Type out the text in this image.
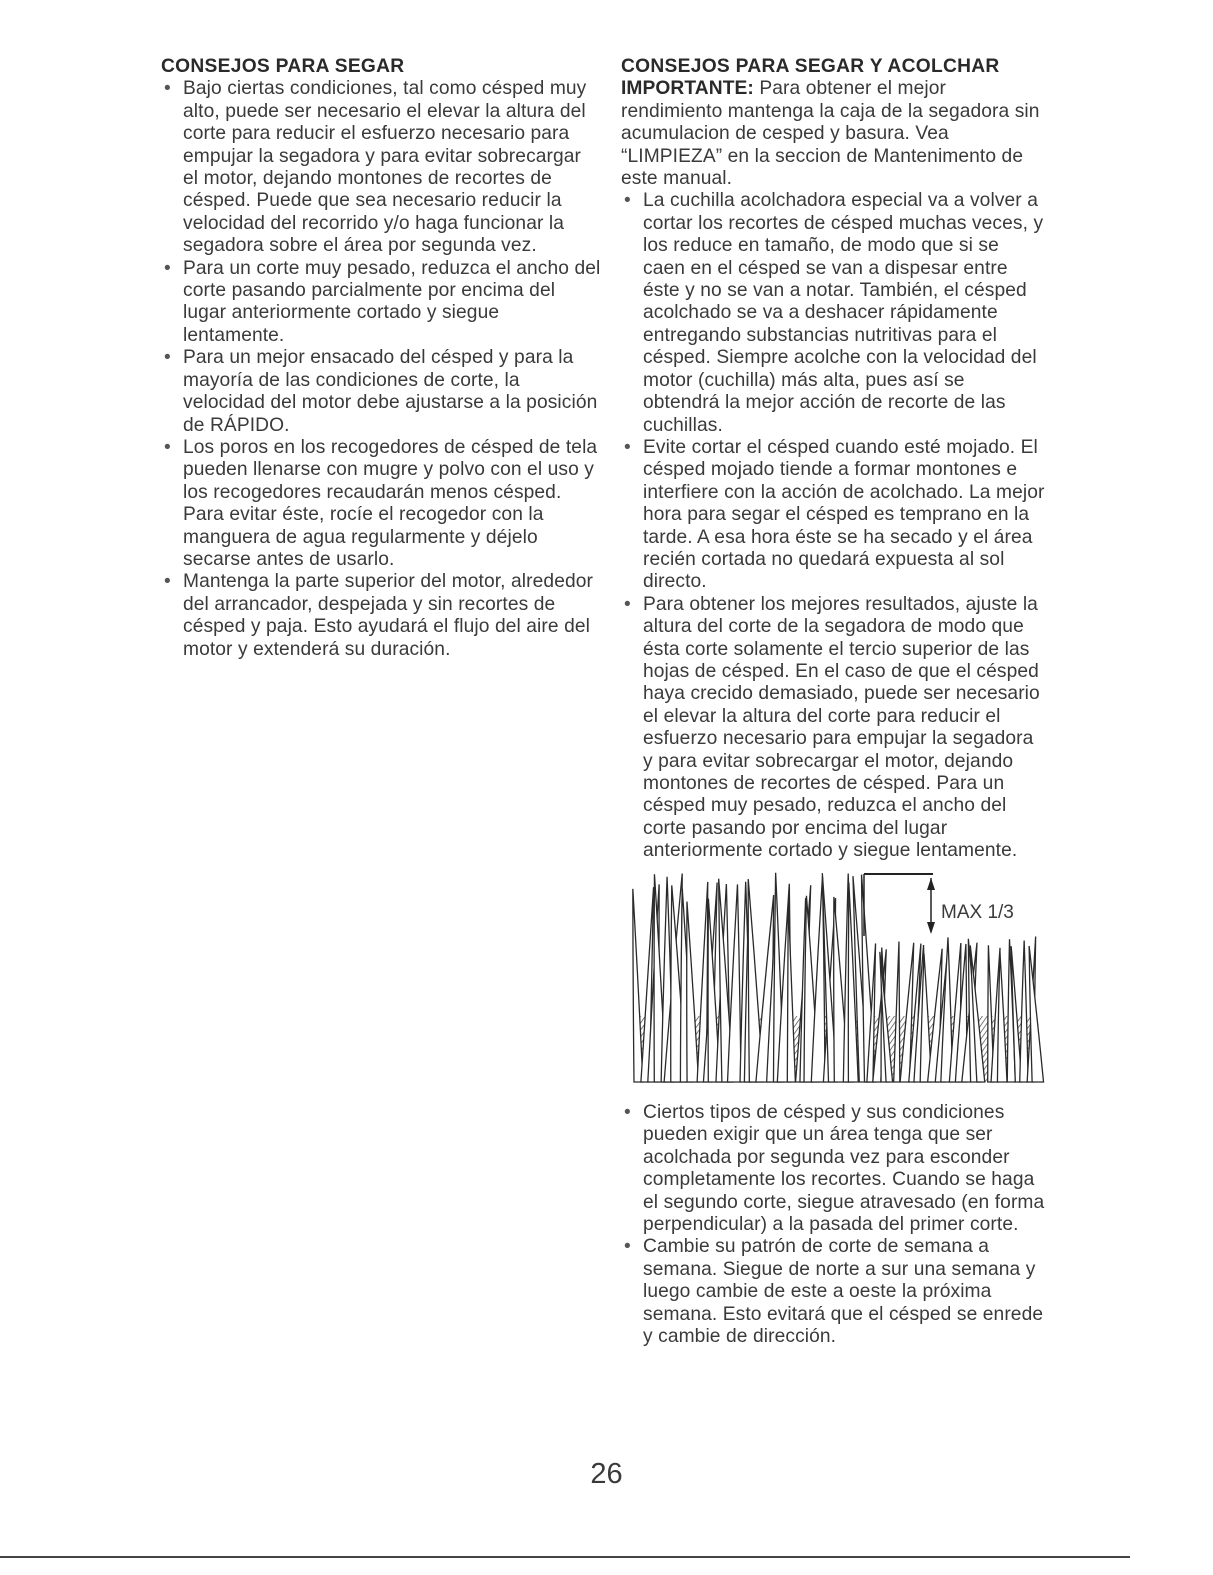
CONSEJOS PARA SEGAR
• Bajo ciertas condiciones, tal como césped muy alto, puede ser necesario el elevar la altura del corte para reducir el esfuerzo necesario para empujar la segadora y para evitar sobrecargar el motor, dejando montones de recortes de césped. Puede que sea necesario reducir la velocidad del recorrido y/o haga funcionar la segadora sobre el área por segunda vez.
• Para un corte muy pesado, reduzca el ancho del corte pasando parcialmente por encima del lugar anteriormente cortado y siegue lentamente.
• Para un mejor ensacado del césped y para la mayoría de las condiciones de corte, la velocidad del motor debe ajustarse a la posición de RÁPIDO.
• Los poros en los recogedores de césped de tela pueden llenarse con mugre y polvo con el uso y los recogedores recaudarán menos césped. Para evitar éste, rocíe el recogedor con la manguera de agua regularmente y déjelo secarse antes de usarlo.
• Mantenga la parte superior del motor, alrededor del arrancador, despejada y sin recortes de césped y paja. Esto ayudará el flujo del aire del motor y extenderá su duración.
CONSEJOS PARA SEGAR Y ACOLCHAR
IMPORTANTE: Para obtener el mejor rendimiento mantenga la caja de la segadora sin acumulacion de cesped y basura. Vea “LIMPIEZA” en la seccion de Mantenimento de este manual.
• La cuchilla acolchadora especial va a volver a cortar los recortes de césped muchas veces, y los reduce en tamaño, de modo que si se caen en el césped se van a dispesar entre éste y no se van a notar. También, el césped acolchado se va a deshacer rápidamente entregando substancias nutritivas para el césped. Siempre acolche con la velocidad del motor (cuchilla) más alta, pues así se obtendrá la mejor acción de recorte de las cuchillas.
• Evite cortar el césped cuando esté mojado. El césped mojado tiende a formar montones e interfiere con la acción de acolchado. La mejor hora para segar el césped es temprano en la tarde. A esa hora éste se ha secado y el área recién cortada no quedará expuesta al sol directo.
• Para obtener los mejores resultados, ajuste la altura del corte de la segadora de modo que ésta corte solamente el tercio superior de las hojas de césped. En el caso de que el césped haya crecido demasiado, puede ser necesario el elevar la altura del corte para reducir el esfuerzo necesario para empujar la segadora y para evitar sobrecargar el motor, dejando montones de recortes de césped. Para un césped muy pesado, reduzca el ancho del corte pasando por encima del lugar anteriormente cortado y siegue lentamente.
MAX 1/3
• Ciertos tipos de césped y sus condiciones pueden exigir que un área tenga que ser acolchada por segunda vez para esconder completamente los recortes. Cuando se haga el segundo corte, siegue atravesado (en forma perpendicular) a la pasada del primer corte.
• Cambie su patrón de corte de semana a semana. Siegue de norte a sur una semana y luego cambie de este a oeste la próxima semana. Esto evitará que el césped se enrede y cambie de dirección.
26
